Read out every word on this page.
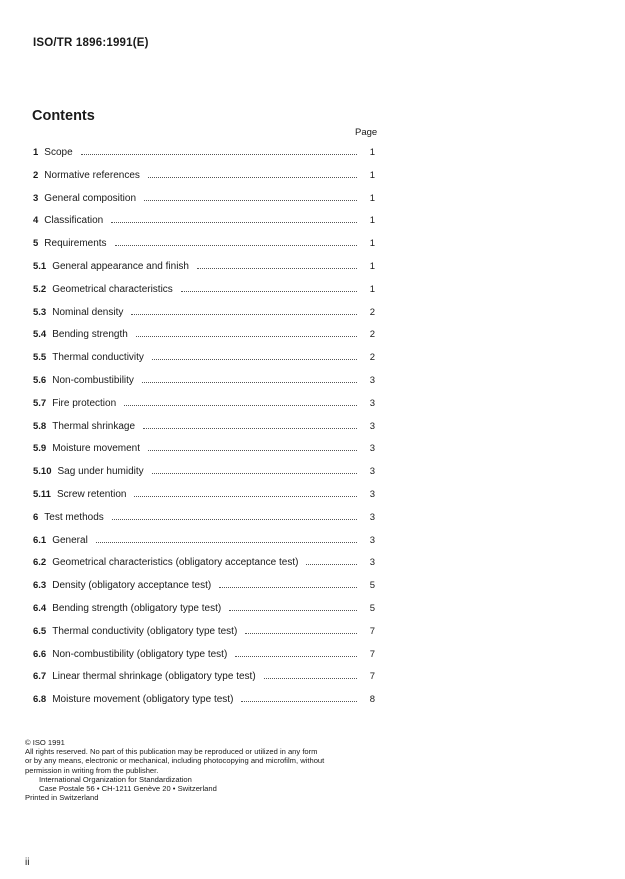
ISO/TR 1896:1991(E)
Contents
Page
1 Scope	1
2 Normative references	1
3 General composition	1
4 Classification	1
5 Requirements	1
5.1 General appearance and finish	1
5.2 Geometrical characteristics	1
5.3 Nominal density	2
5.4 Bending strength	2
5.5 Thermal conductivity	2
5.6 Non-combustibility	3
5.7 Fire protection	3
5.8 Thermal shrinkage	3
5.9 Moisture movement	3
5.10 Sag under humidity	3
5.11 Screw retention	3
6 Test methods	3
6.1 General	3
6.2 Geometrical characteristics (obligatory acceptance test)	3
6.3 Density (obligatory acceptance test)	5
6.4 Bending strength (obligatory type test)	5
6.5 Thermal conductivity (obligatory type test)	7
6.6 Non-combustibility (obligatory type test)	7
6.7 Linear thermal shrinkage (obligatory type test)	7
6.8 Moisture movement (obligatory type test)	8
© ISO 1991
All rights reserved. No part of this publication may be reproduced or utilized in any form
or by any means, electronic or mechanical, including photocopying and microfilm, without
permission in writing from the publisher.
International Organization for Standardization
Case Postale 56 • CH-1211 Genève 20 • Switzerland
Printed in Switzerland
ii
